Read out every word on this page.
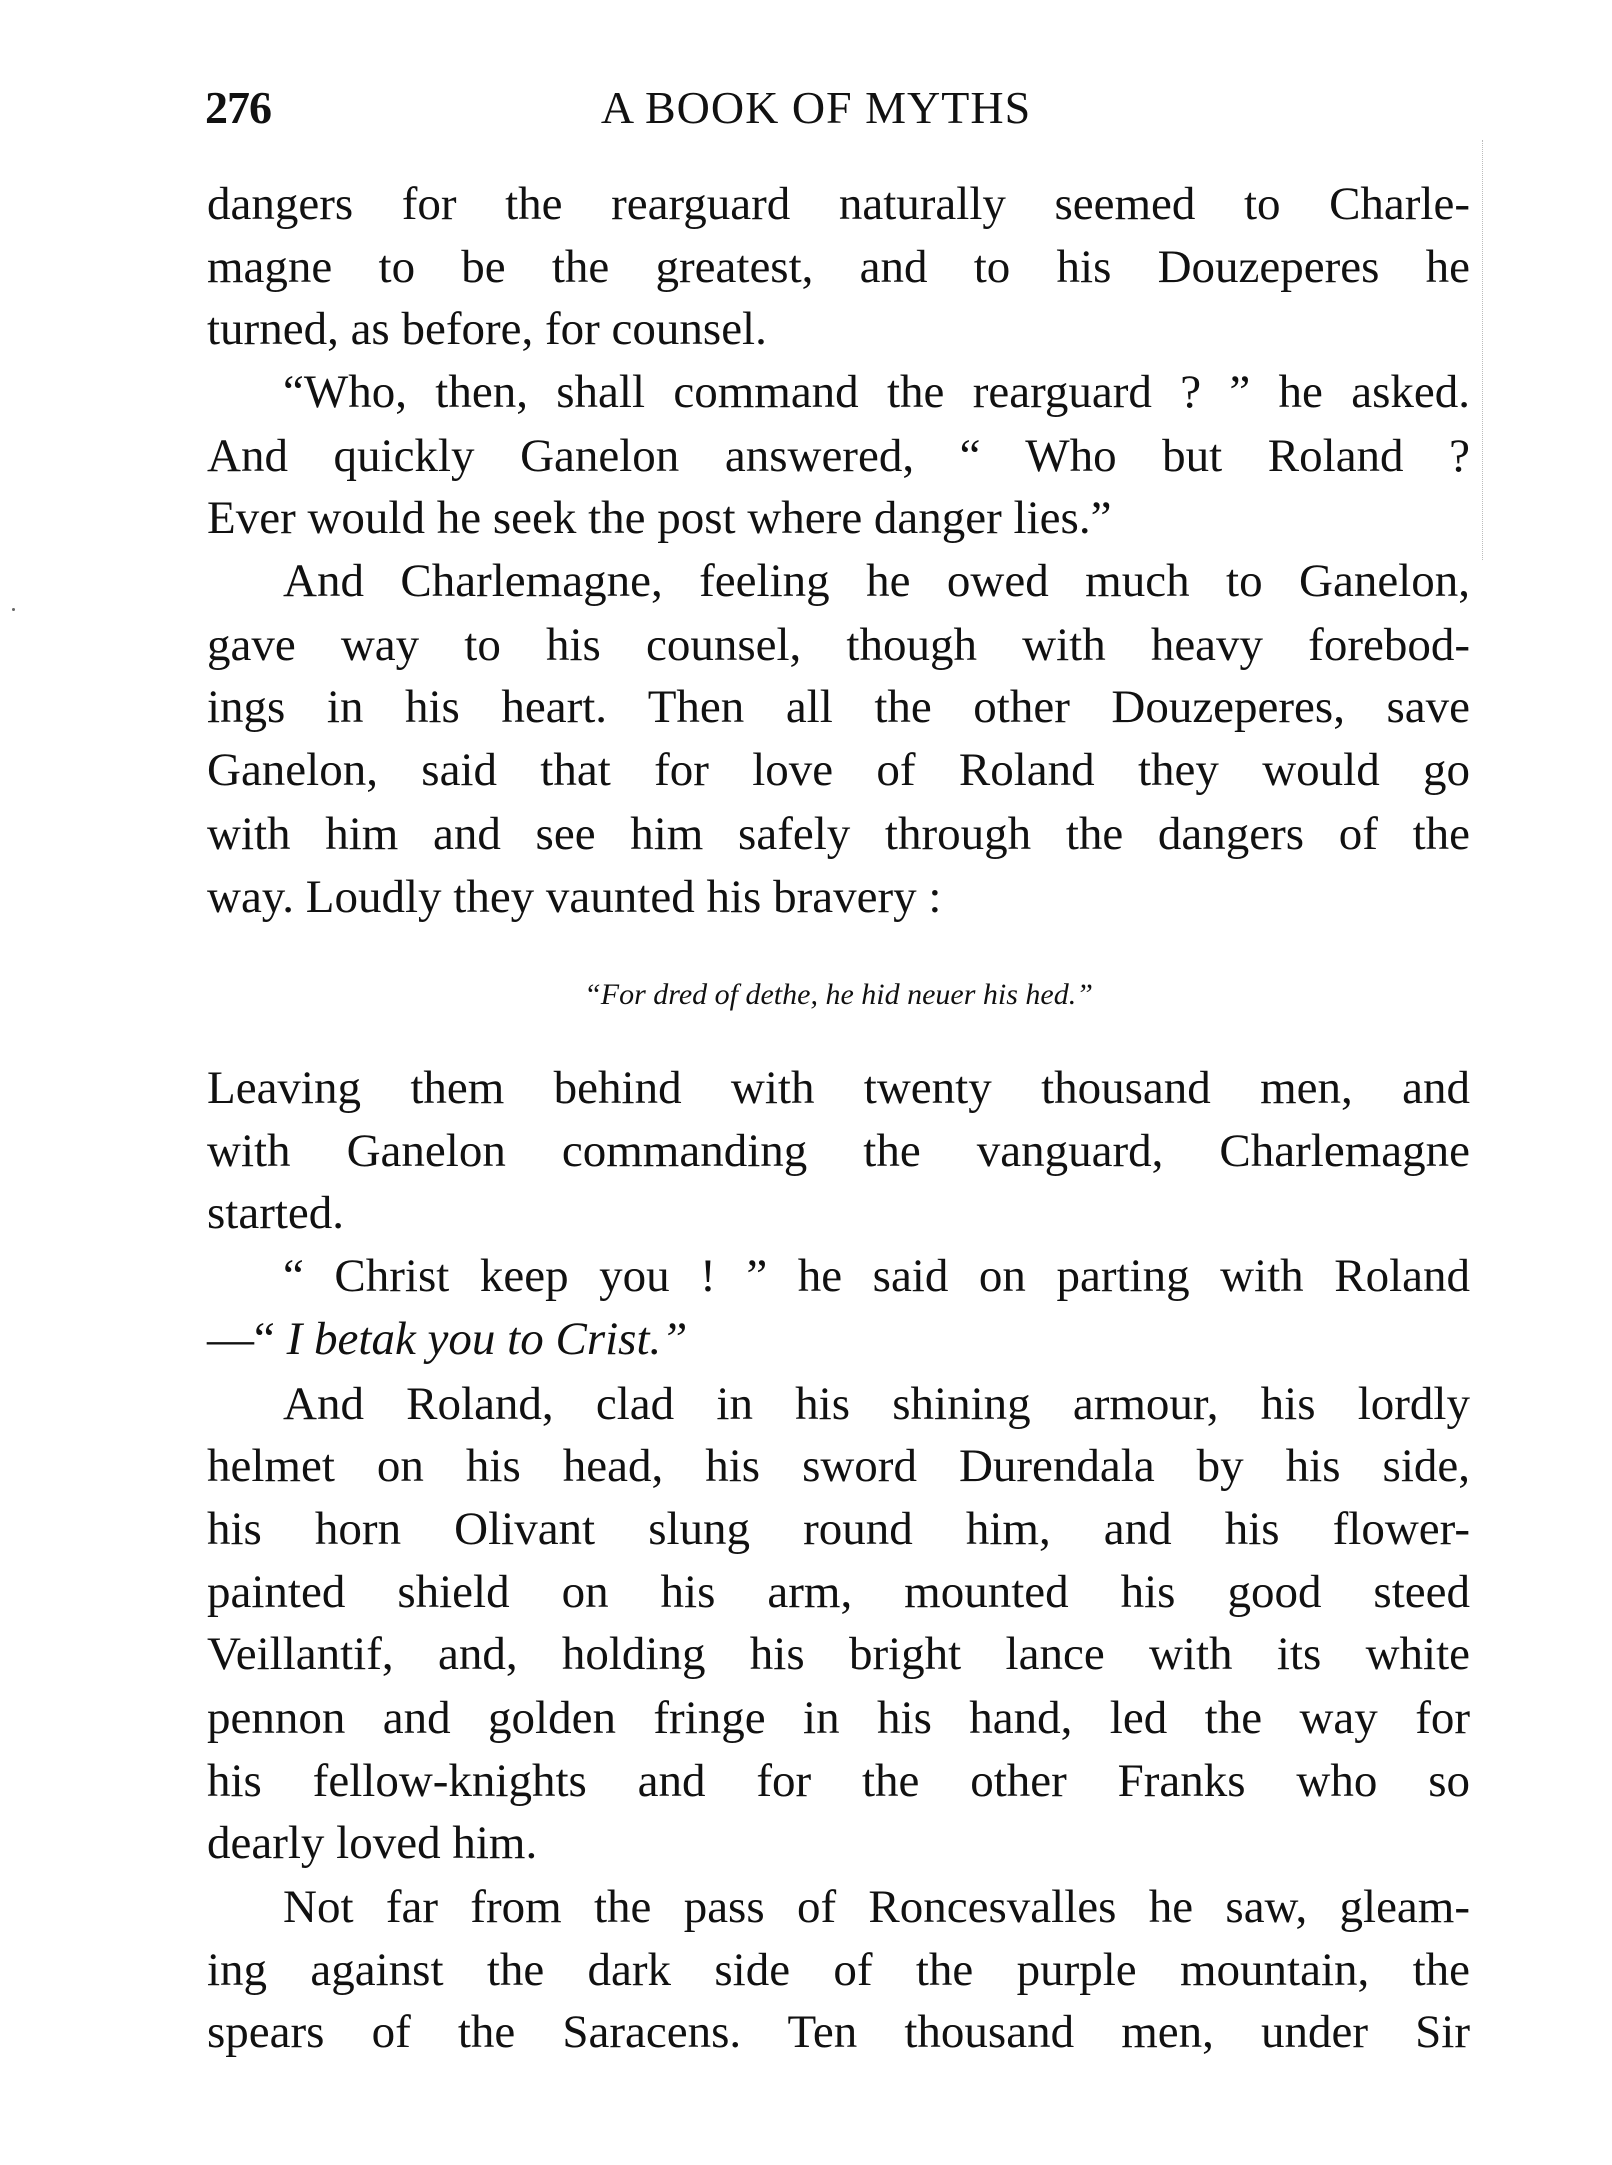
276	A BOOK OF MYTHS
dangers for the rearguard naturally seemed to Charle-
magne to be the greatest, and to his Douzeperes he
turned, as before, for counsel.
“Who, then, shall command the rearguard ? ” he asked.
And quickly Ganelon answered, “ Who but Roland ?
Ever would he seek the post where danger lies.”
And Charlemagne, feeling he owed much to Ganelon,
gave way to his counsel, though with heavy forebod-
ings in his heart. Then all the other Douzeperes, save
Ganelon, said that for love of Roland they would go
with him and see him safely through the dangers of the
way. Loudly they vaunted his bravery :
“For dred of dethe, he hid neuer his hed.”
Leaving them behind with twenty thousand men, and
with Ganelon commanding the vanguard, Charlemagne
started.
“ Christ keep you ! ” he said on parting with Roland
—“ I betak you to Crist.”
And Roland, clad in his shining armour, his lordly
helmet on his head, his sword Durendala by his side,
his horn Olivant slung round him, and his flower-
painted shield on his arm, mounted his good steed
Veillantif, and, holding his bright lance with its white
pennon and golden fringe in his hand, led the way for
his fellow-knights and for the other Franks who so
dearly loved him.
Not far from the pass of Roncesvalles he saw, gleam-
ing against the dark side of the purple mountain, the
spears of the Saracens. Ten thousand men, under Sir
